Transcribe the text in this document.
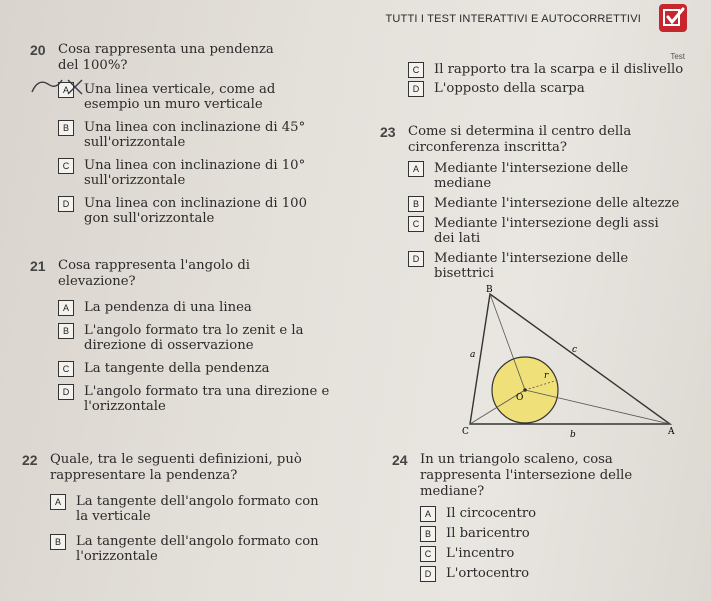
TUTTI I TEST INTERATTIVI E AUTOCORRETTIVI
Test
20 Cosa rappresenta una pendenza del 100%?
A	Una linea verticale, come ad esempio un muro verticale
B	Una linea con inclinazione di 45° sull'orizzontale
C	Una linea con inclinazione di 10° sull'orizzontale
D	Una linea con inclinazione di 100 gon sull'orizzontale
21 Cosa rappresenta l'angolo di elevazione?
A	La pendenza di una linea
B	L'angolo formato tra lo zenit e la direzione di osservazione
C	La tangente della pendenza
D	L'angolo formato tra una direzione e l'orizzontale
22 Quale, tra le seguenti definizioni, può rappresentare la pendenza?
A	La tangente dell'angolo formato con la verticale
B	La tangente dell'angolo formato con l'orizzontale
C	Il rapporto tra la scarpa e il dislivello
D	L'opposto della scarpa
23 Come si determina il centro della circonferenza inscritta?
A	Mediante l'intersezione delle mediane
B	Mediante l'intersezione delle altezze
C	Mediante l'intersezione degli assi dei lati
D	Mediante l'intersezione delle bisettrici
B
C	A
a
b
c
O
r
24 In un triangolo scaleno, cosa rappresenta l'intersezione delle mediane?
A	Il circocentro
B	Il baricentro
C	L'incentro
D	L'ortocentro
